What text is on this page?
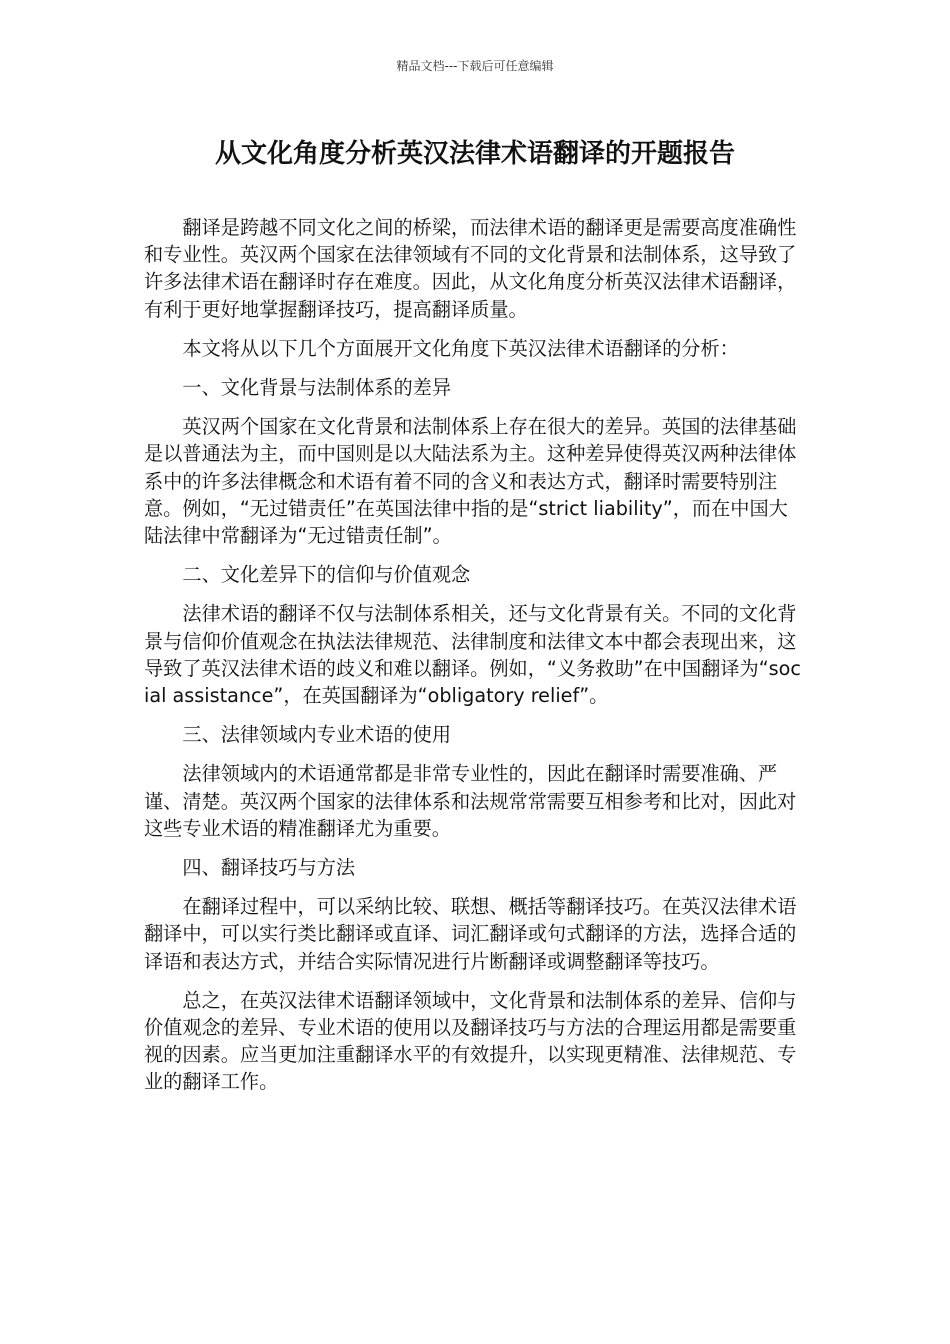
精品文档---下载后可任意编辑
从文化角度分析英汉法律术语翻译的开题报告

翻译是跨越不同文化之间的桥梁，而法律术语的翻译更是需要高度准确性和专业性。英汉两个国家在法律领域有不同的文化背景和法制体系，这导致了许多法律术语在翻译时存在难度。因此，从文化角度分析英汉法律术语翻译，有利于更好地掌握翻译技巧，提高翻译质量。

本文将从以下几个方面展开文化角度下英汉法律术语翻译的分析：

一、文化背景与法制体系的差异

英汉两个国家在文化背景和法制体系上存在很大的差异。英国的法律基础是以普通法为主，而中国则是以大陆法系为主。这种差异使得英汉两种法律体系中的许多法律概念和术语有着不同的含义和表达方式，翻译时需要特别注意。例如，“无过错责任”在英国法律中指的是“strict liability”，而在中国大陆法律中常翻译为“无过错责任制”。

二、文化差异下的信仰与价值观念

法律术语的翻译不仅与法制体系相关，还与文化背景有关。不同的文化背景与信仰价值观念在执法法律规范、法律制度和法律文本中都会表现出来，这导致了英汉法律术语的歧义和难以翻译。例如，“义务救助”在中国翻译为“social assistance”，在英国翻译为“obligatory relief”。

三、法律领域内专业术语的使用

法律领域内的术语通常都是非常专业性的，因此在翻译时需要准确、严谨、清楚。英汉两个国家的法律体系和法规常常需要互相参考和比对，因此对这些专业术语的精准翻译尤为重要。

四、翻译技巧与方法

在翻译过程中，可以采纳比较、联想、概括等翻译技巧。在英汉法律术语翻译中，可以实行类比翻译或直译、词汇翻译或句式翻译的方法，选择合适的译语和表达方式，并结合实际情况进行片断翻译或调整翻译等技巧。

总之，在英汉法律术语翻译领域中，文化背景和法制体系的差异、信仰与价值观念的差异、专业术语的使用以及翻译技巧与方法的合理运用都是需要重视的因素。应当更加注重翻译水平的有效提升，以实现更精准、法律规范、专业的翻译工作。
